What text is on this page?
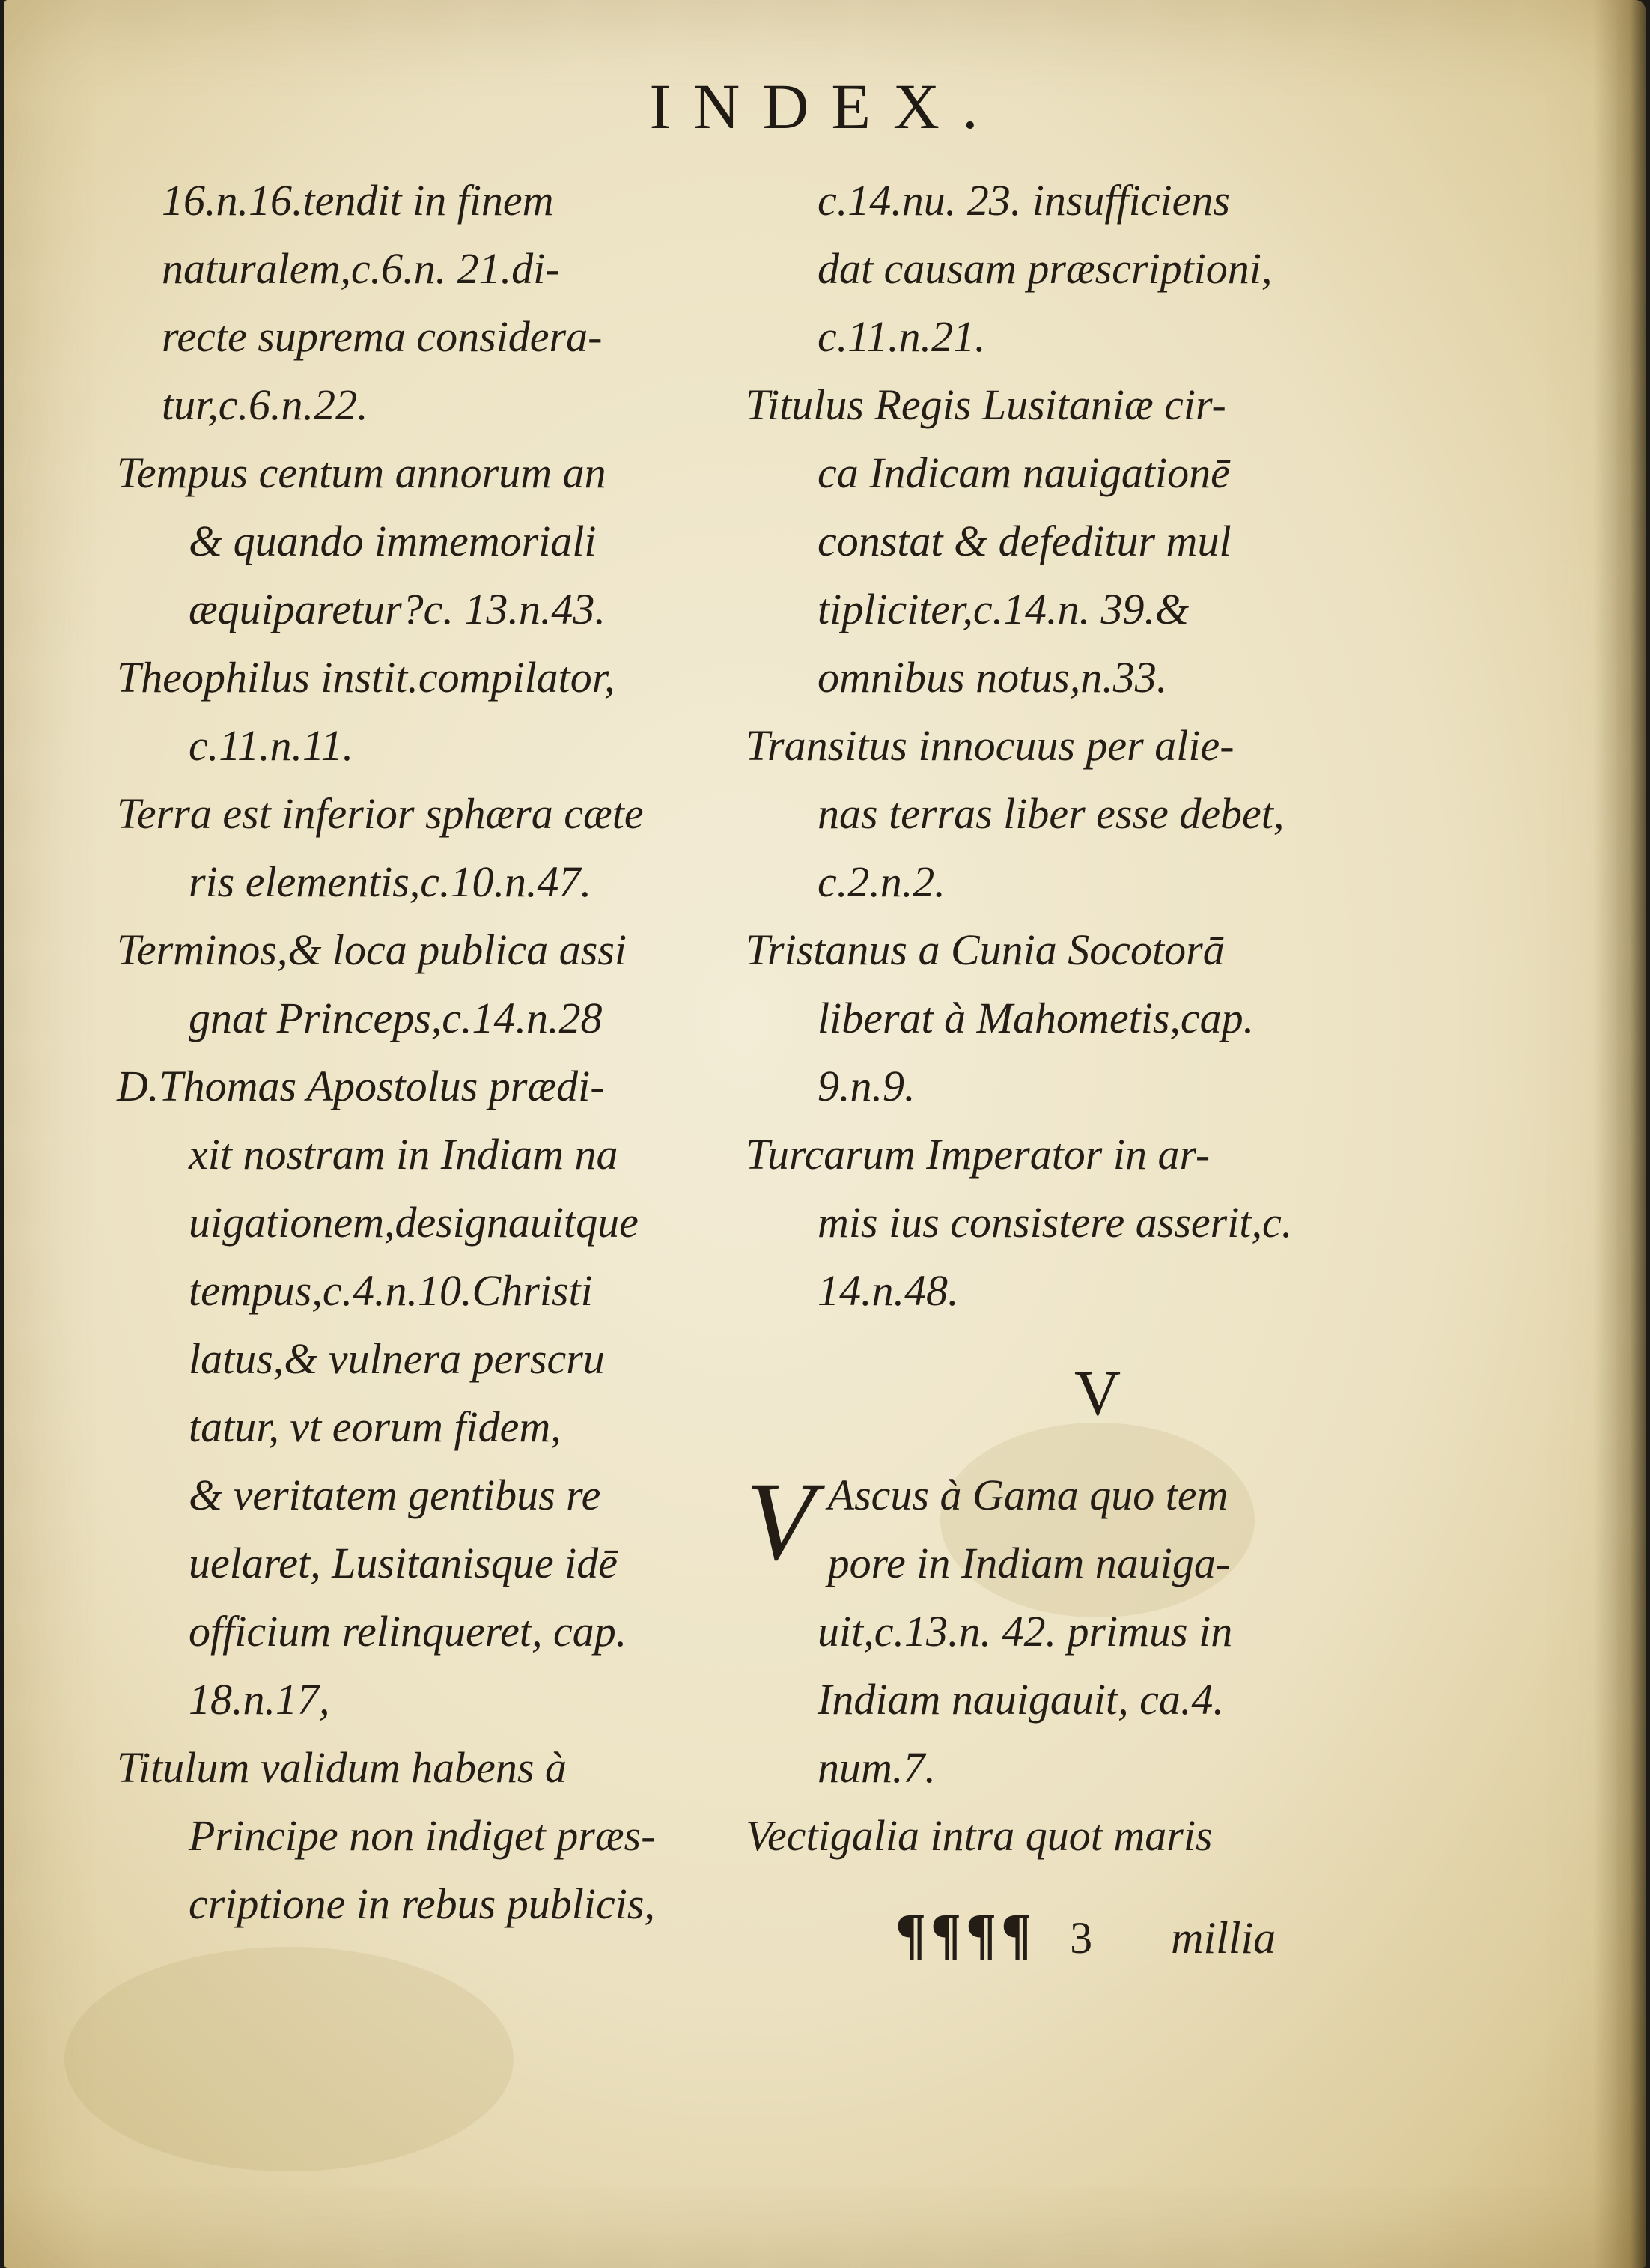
INDEX.

16.n.16.tendit in finem
naturalem,c.6.n. 21.di-
recte suprema considera-
tur,c.6.n.22.

Tempus centum annorum an
& quando immemoriali
æquiparetur?c. 13.n.43.

Theophilus instit.compilator,
c.11.n.11.

Terra est inferior sphæra cæte
ris elementis,c.10.n.47.

Terminos,& loca publica assi
gnat Princeps,c.14.n.28

D.Thomas Apostolus prædi-
xit nostram in Indiam na
uigationem,designauitque
tempus,c.4.n.10.Christi
latus,& vulnera perscru
tatur, vt eorum fidem,
& veritatem gentibus re
uelaret, Lusitanisque idē
officium relinqueret, cap.
18.n.17,

Titulum validum habens à
Principe non indiget præs-
criptione in rebus publicis,

c.14.nu. 23. insufficiens
dat causam præscriptioni,
c.11.n.21.

Titulus Regis Lusitaniæ cir-
ca Indicam nauigationē
constat & defeditur mul
tipliciter,c.14.n. 39.&
omnibus notus,n.33.

Transitus innocuus per alie-
nas terras liber esse debet,
c.2.n.2.

Tristanus a Cunia Socotorā
liberat à Mahometis,cap.
9.n.9.

Turcarum Imperator in ar-
mis ius consistere asserit,c.
14.n.48.

V

V Ascus à Gama quo tem
pore in Indiam nauiga-
uit,c.13.n. 42. primus in
Indiam nauigauit, ca.4.
num.7.

Vectigalia intra quot maris

¶¶¶¶ 3 millia
